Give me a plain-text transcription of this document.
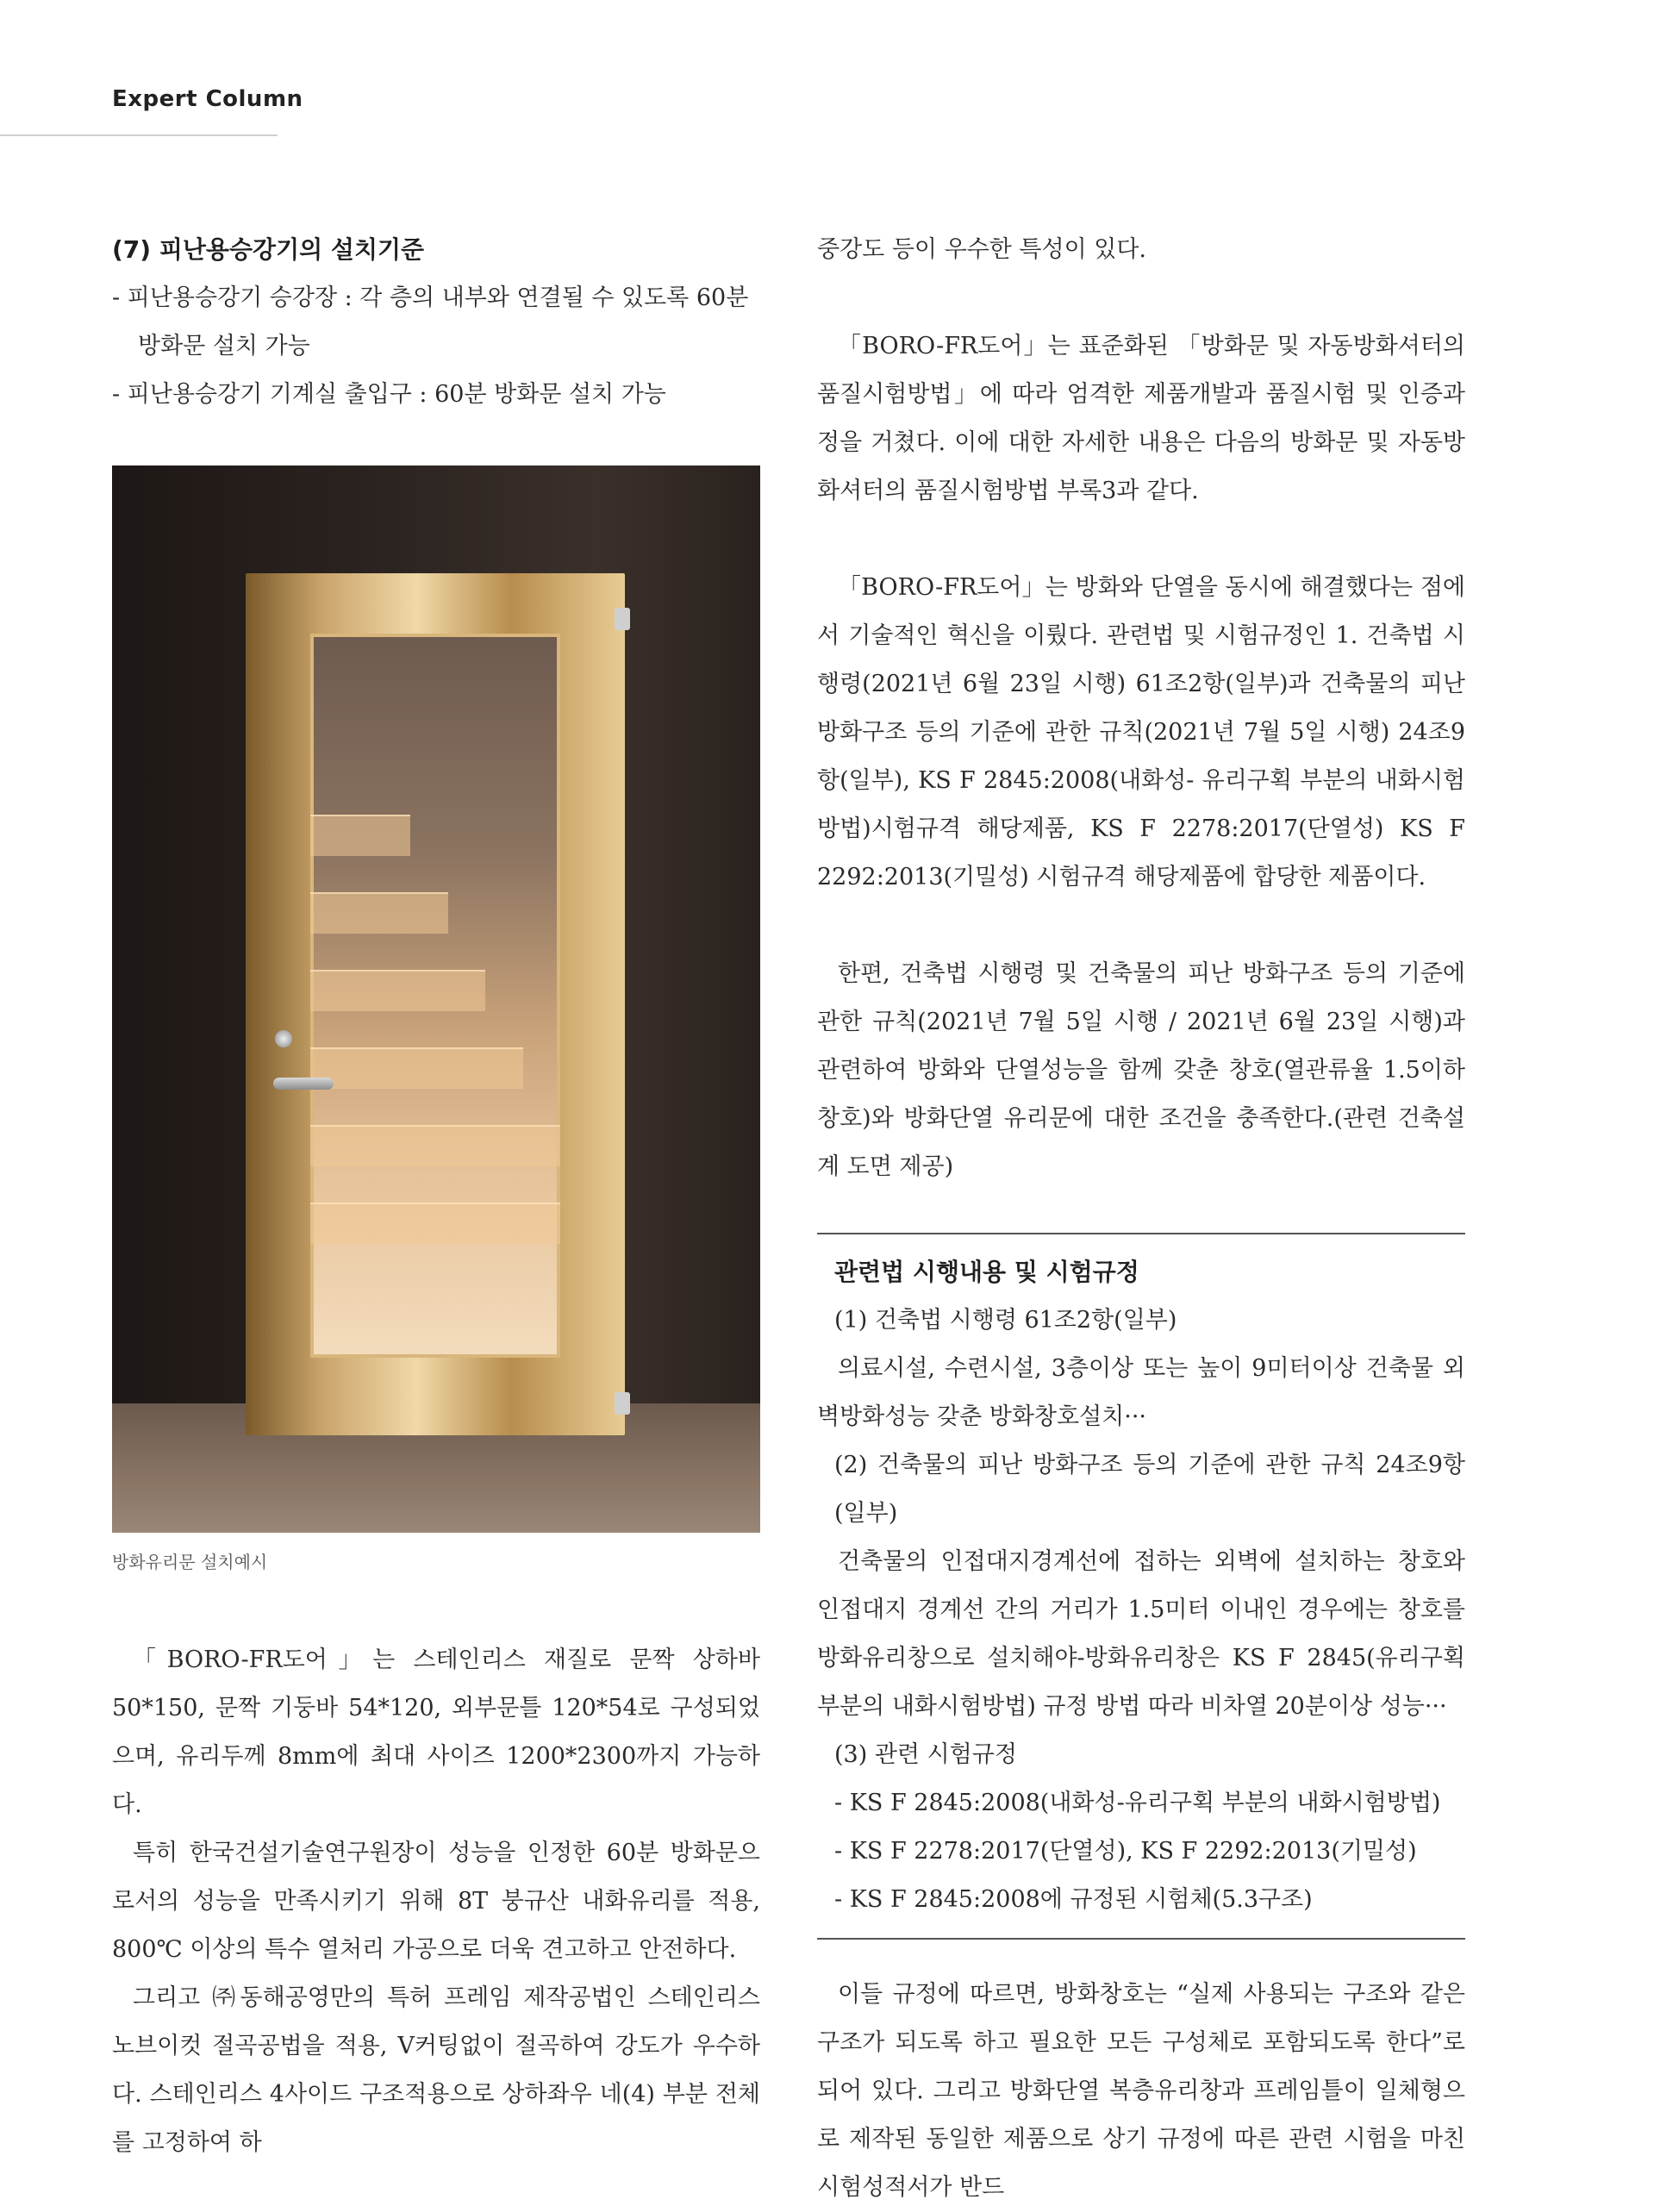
Expert Column

(7) 피난용승강기의 설치기준

- 피난용승강기 승강장 : 각 층의 내부와 연결될 수 있도록 60분 방화문 설치 가능

- 피난용승강기 기계실 출입구 : 60분 방화문 설치 가능

방화유리문 설치예시

「BORO-FR도어」는 스테인리스 재질로 문짝 상하바 50*150, 문짝 기둥바 54*120, 외부문틀 120*54로 구성되었으며, 유리두께 8mm에 최대 사이즈 1200*2300까지 가능하다.

특히 한국건설기술연구원장이 성능을 인정한 60분 방화문으로서의 성능을 만족시키기 위해 8T 붕규산 내화유리를 적용, 800℃ 이상의 특수 열처리 가공으로 더욱 견고하고 안전하다.

그리고 ㈜동해공영만의 특허 프레임 제작공법인 스테인리스 노브이컷 절곡공법을 적용, V커팅없이 절곡하여 강도가 우수하다. 스테인리스 4사이드 구조적용으로 상하좌우 네(4) 부분 전체를 고정하여 하

중강도 등이 우수한 특성이 있다.

「BORO-FR도어」는 표준화된 「방화문 및 자동방화셔터의 품질시험방법」에 따라 엄격한 제품개발과 품질시험 및 인증과정을 거쳤다. 이에 대한 자세한 내용은 다음의 방화문 및 자동방화셔터의 품질시험방법 부록3과 같다.

「BORO-FR도어」는 방화와 단열을 동시에 해결했다는 점에서 기술적인 혁신을 이뤘다. 관련법 및 시험규정인 1. 건축법 시행령(2021년 6월 23일 시행) 61조2항(일부)과 건축물의 피난 방화구조 등의 기준에 관한 규칙(2021년 7월 5일 시행) 24조9항(일부), KS F 2845:2008(내화성- 유리구획 부분의 내화시험방법)시험규격 해당제품, KS F 2278:2017(단열성) KS F 2292:2013(기밀성) 시험규격 해당제품에 합당한 제품이다.

한편, 건축법 시행령 및 건축물의 피난 방화구조 등의 기준에 관한 규칙(2021년 7월 5일 시행 / 2021년 6월 23일 시행)과 관련하여 방화와 단열성능을 함께 갖춘 창호(열관류율 1.5이하 창호)와 방화단열 유리문에 대한 조건을 충족한다.(관련 건축설계 도면 제공)

관련법 시행내용 및 시험규정

(1) 건축법 시행령 61조2항(일부)

의료시설, 수련시설, 3층이상 또는 높이 9미터이상 건축물 외벽방화성능 갖춘 방화창호설치···

(2) 건축물의 피난 방화구조 등의 기준에 관한 규칙 24조9항(일부)

건축물의 인접대지경계선에 접하는 외벽에 설치하는 창호와 인접대지 경계선 간의 거리가 1.5미터 이내인 경우에는 창호를 방화유리창으로 설치해야-방화유리창은 KS F 2845(유리구획 부분의 내화시험방법) 규정 방법 따라 비차열 20분이상 성능···

(3) 관련 시험규정

- KS F 2845:2008(내화성-유리구획 부분의 내화시험방법)

- KS F 2278:2017(단열성), KS F 2292:2013(기밀성)

- KS F 2845:2008에 규정된 시험체(5.3구조)

이들 규정에 따르면, 방화창호는 “실제 사용되는 구조와 같은 구조가 되도록 하고 필요한 모든 구성체로 포함되도록 한다”로 되어 있다. 그리고 방화단열 복층유리창과 프레임틀이 일체형으로 제작된 동일한 제품으로 상기 규정에 따른 관련 시험을 마친 시험성적서가 반드
